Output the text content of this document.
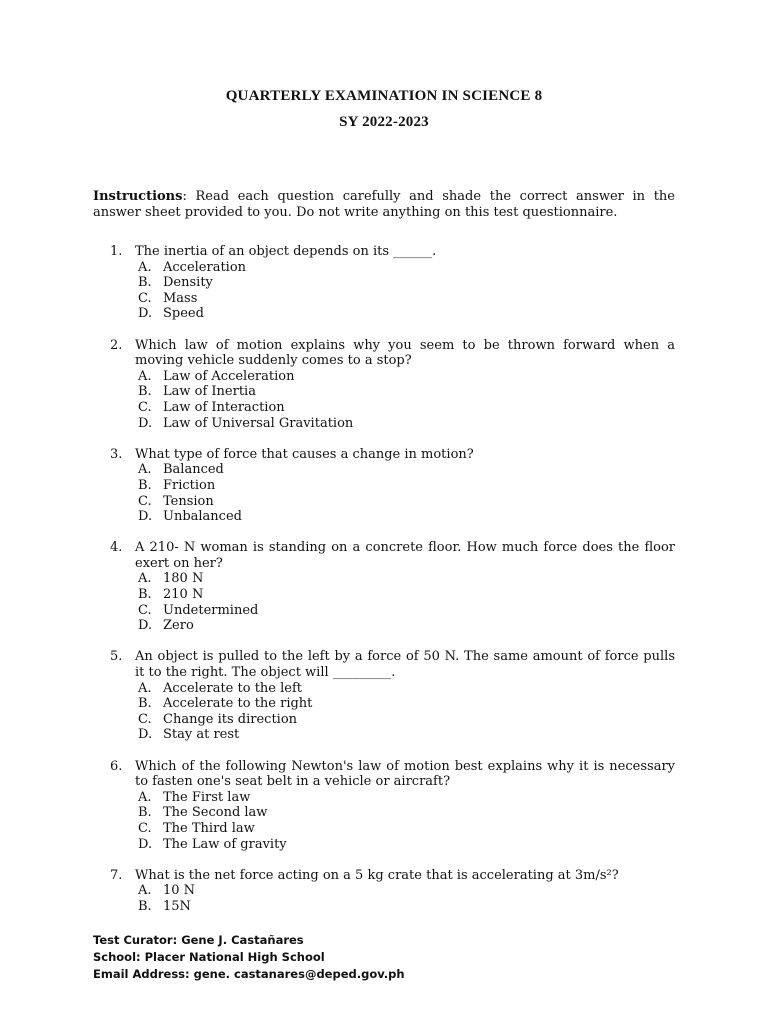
QUARTERLY EXAMINATION IN SCIENCE 8
SY 2022-2023
Instructions: Read each question carefully and shade the correct answer in the answer sheet provided to you. Do not write anything on this test questionnaire.
1. The inertia of an object depends on its ______.
A. Acceleration
B. Density
C. Mass
D. Speed
2. Which law of motion explains why you seem to be thrown forward when a moving vehicle suddenly comes to a stop?
A. Law of Acceleration
B. Law of Inertia
C. Law of Interaction
D. Law of Universal Gravitation
3. What type of force that causes a change in motion?
A. Balanced
B. Friction
C. Tension
D. Unbalanced
4. A 210- N woman is standing on a concrete floor. How much force does the floor exert on her?
A. 180 N
B. 210 N
C. Undetermined
D. Zero
5. An object is pulled to the left by a force of 50 N. The same amount of force pulls it to the right. The object will _________.
A. Accelerate to the left
B. Accelerate to the right
C. Change its direction
D. Stay at rest
6. Which of the following Newton's law of motion best explains why it is necessary to fasten one's seat belt in a vehicle or aircraft?
A. The First law
B. The Second law
C. The Third law
D. The Law of gravity
7. What is the net force acting on a 5 kg crate that is accelerating at 3m/s²?
A. 10 N
B. 15N
Test Curator: Gene J. Castañares
School: Placer National High School
Email Address: gene. castanares@deped.gov.ph
